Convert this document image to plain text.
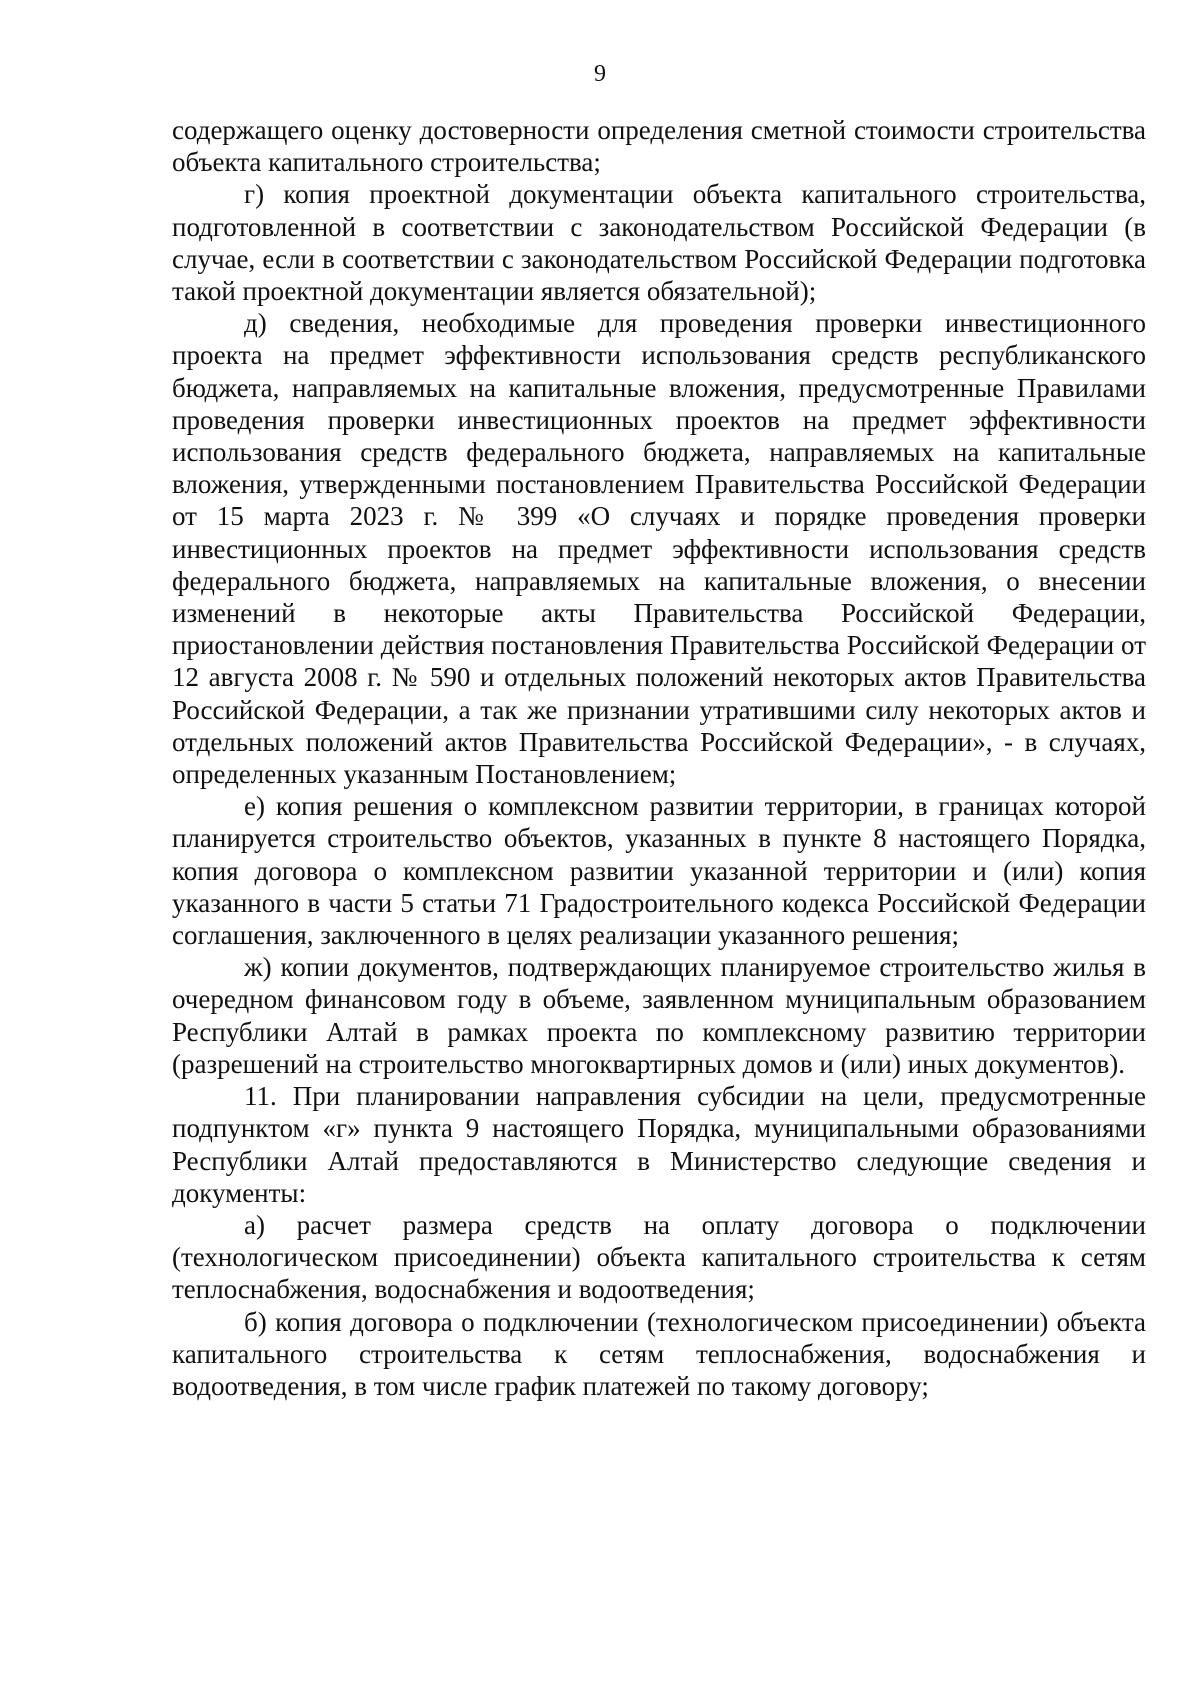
9

содержащего оценку достоверности определения сметной стоимости строительства объекта капитального строительства;

г) копия проектной документации объекта капитального строительства, подготовленной в соответствии с законодательством Российской Федерации (в случае, если в соответствии с законодательством Российской Федерации подготовка такой проектной документации является обязательной);

д) сведения, необходимые для проведения проверки инвестиционного проекта на предмет эффективности использования средств республиканского бюджета, направляемых на капитальные вложения, предусмотренные Правилами проведения проверки инвестиционных проектов на предмет эффективности использования средств федерального бюджета, направляемых на капитальные вложения, утвержденными постановлением Правительства Российской Федерации от 15 марта 2023 г. № 399 «О случаях и порядке проведения проверки инвестиционных проектов на предмет эффективности использования средств федерального бюджета, направляемых на капитальные вложения, о внесении изменений в некоторые акты Правительства Российской Федерации, приостановлении действия постановления Правительства Российской Федерации от 12 августа 2008 г. № 590 и отдельных положений некоторых актов Правительства Российской Федерации, а так же признании утратившими силу некоторых актов и отдельных положений актов Правительства Российской Федерации», - в случаях, определенных указанным Постановлением;

е) копия решения о комплексном развитии территории, в границах которой планируется строительство объектов, указанных в пункте 8 настоящего Порядка, копия договора о комплексном развитии указанной территории и (или) копия указанного в части 5 статьи 71 Градостроительного кодекса Российской Федерации соглашения, заключенного в целях реализации указанного решения;

ж) копии документов, подтверждающих планируемое строительство жилья в очередном финансовом году в объеме, заявленном муниципальным образованием Республики Алтай в рамках проекта по комплексному развитию территории (разрешений на строительство многоквартирных домов и (или) иных документов).

11. При планировании направления субсидии на цели, предусмотренные подпунктом «г» пункта 9 настоящего Порядка, муниципальными образованиями Республики Алтай предоставляются в Министерство следующие сведения и документы:

а) расчет размера средств на оплату договора о подключении (технологическом присоединении) объекта капитального строительства к сетям теплоснабжения, водоснабжения и водоотведения;

б) копия договора о подключении (технологическом присоединении) объекта капитального строительства к сетям теплоснабжения, водоснабжения и водоотведения, в том числе график платежей по такому договору;
